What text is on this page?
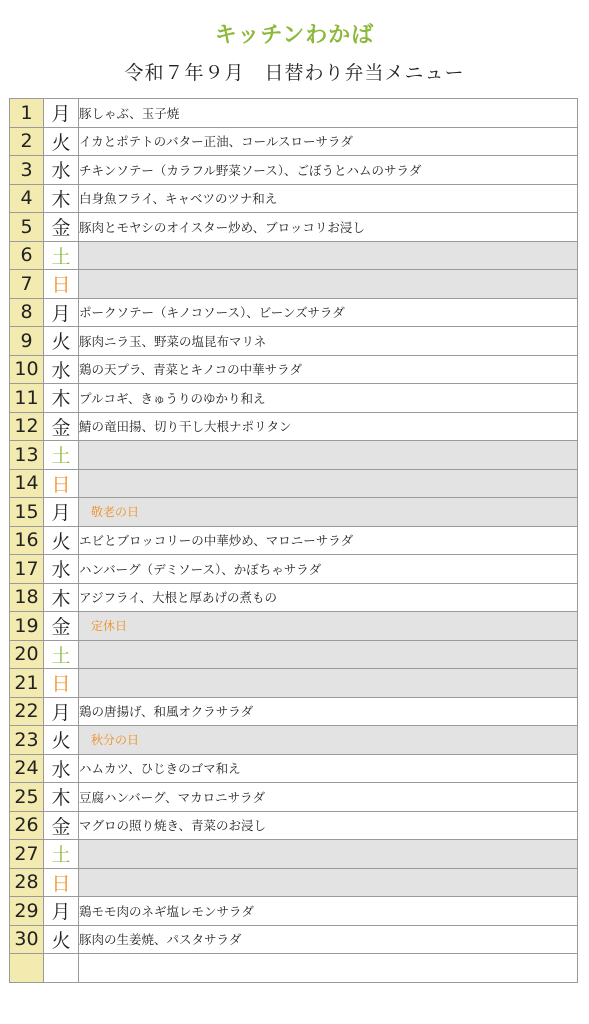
キッチンわかば
令和７年９月　日替わり弁当メニュー
1	月	豚しゃぶ、玉子焼
2	火	イカとポテトのバター正油、コールスローサラダ
3	水	チキンソテー（カラフル野菜ソース）、ごぼうとハムのサラダ
4	木	白身魚フライ、キャベツのツナ和え
5	金	豚肉とモヤシのオイスター炒め、ブロッコリお浸し
6	土	
7	日	
8	月	ポークソテー（キノコソース）、ビーンズサラダ
9	火	豚肉ニラ玉、野菜の塩昆布マリネ
10	水	鶏の天プラ、青菜とキノコの中華サラダ
11	木	プルコギ、きゅうりのゆかり和え
12	金	鯖の竜田揚、切り干し大根ナポリタン
13	土	
14	日	
15	月	敬老の日
16	火	エビとブロッコリーの中華炒め、マロニーサラダ
17	水	ハンバーグ（デミソース）、かぼちゃサラダ
18	木	アジフライ、大根と厚あげの煮もの
19	金	定休日
20	土	
21	日	
22	月	鶏の唐揚げ、和風オクラサラダ
23	火	秋分の日
24	水	ハムカツ、ひじきのゴマ和え
25	木	豆腐ハンバーグ、マカロニサラダ
26	金	マグロの照り焼き、青菜のお浸し
27	土	
28	日	
29	月	鶏モモ肉のネギ塩レモンサラダ
30	火	豚肉の生姜焼、パスタサラダ
